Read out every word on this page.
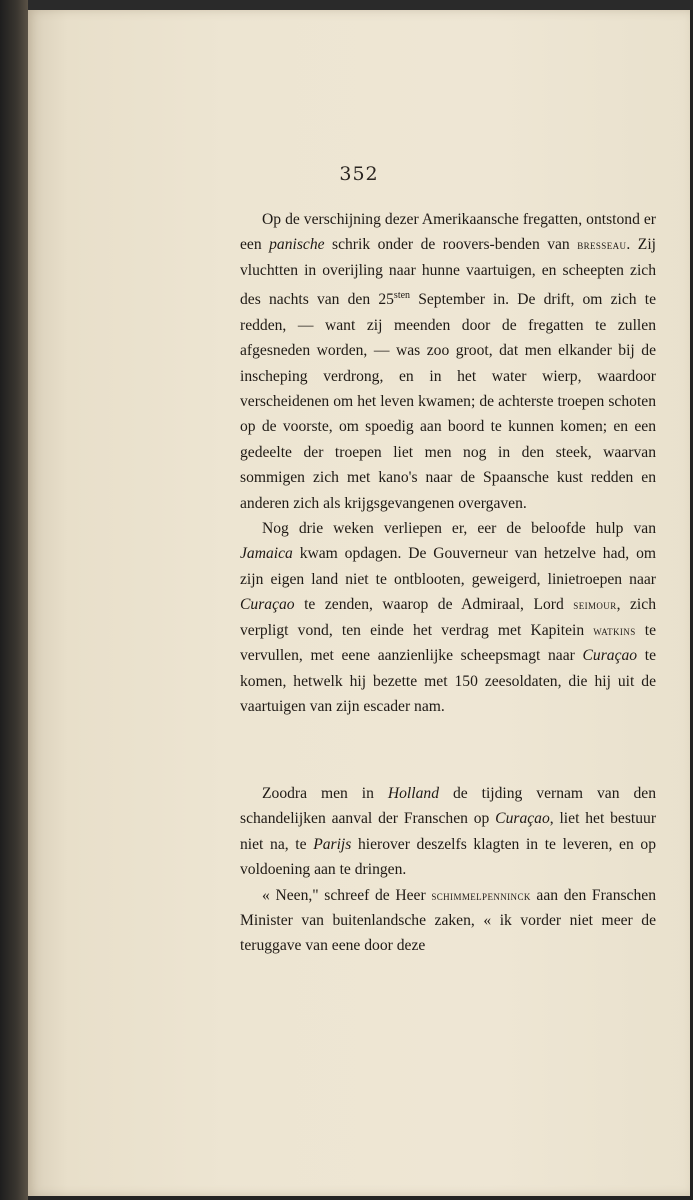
352

Op de verschijning dezer Amerikaansche fregatten, ontstond er een panische schrik onder de roovers-benden van bresseau. Zij vluchtten in overijling naar hunne vaartuigen, en scheepten zich des nachts van den $25^{sten}$ September in. De drift, om zich te redden, — want zij meenden door de fregatten te zullen afgesneden worden, — was zoo groot, dat men elkander bij de inscheping verdrong, en in het water wierp, waardoor verscheidenen om het leven kwamen; de achterste troepen schoten op de voorste, om spoedig aan boord te kunnen komen; en een gedeelte der troepen liet men nog in den steek, waarvan sommigen zich met kano's naar de Spaansche kust redden en anderen zich als krijgsgevangenen overgaven.

Nog drie weken verliepen er, eer de beloofde hulp van Jamaica kwam opdagen. De Gouverneur van hetzelve had, om zijn eigen land niet te ontblooten, geweigerd, linietroepen naar Curaçao te zenden, waarop de Admiraal, Lord seimour, zich verpligt vond, ten einde het verdrag met Kapitein watkins te vervullen, met eene aanzienlijke scheepsmagt naar Curaçao te komen, hetwelk hij bezette met 150 zeesoldaten, die hij uit de vaartuigen van zijn escader nam.

Zoodra men in Holland de tijding vernam van den schandelijken aanval der Franschen op Curaçao, liet het bestuur niet na, te Parijs hierover deszelfs klagten in te leveren, en op voldoening aan te dringen.

« Neen," schreef de Heer schimmelpenninck aan den Franschen Minister van buitenlandsche zaken, « ik vorder niet meer de teruggave van eene door deze
